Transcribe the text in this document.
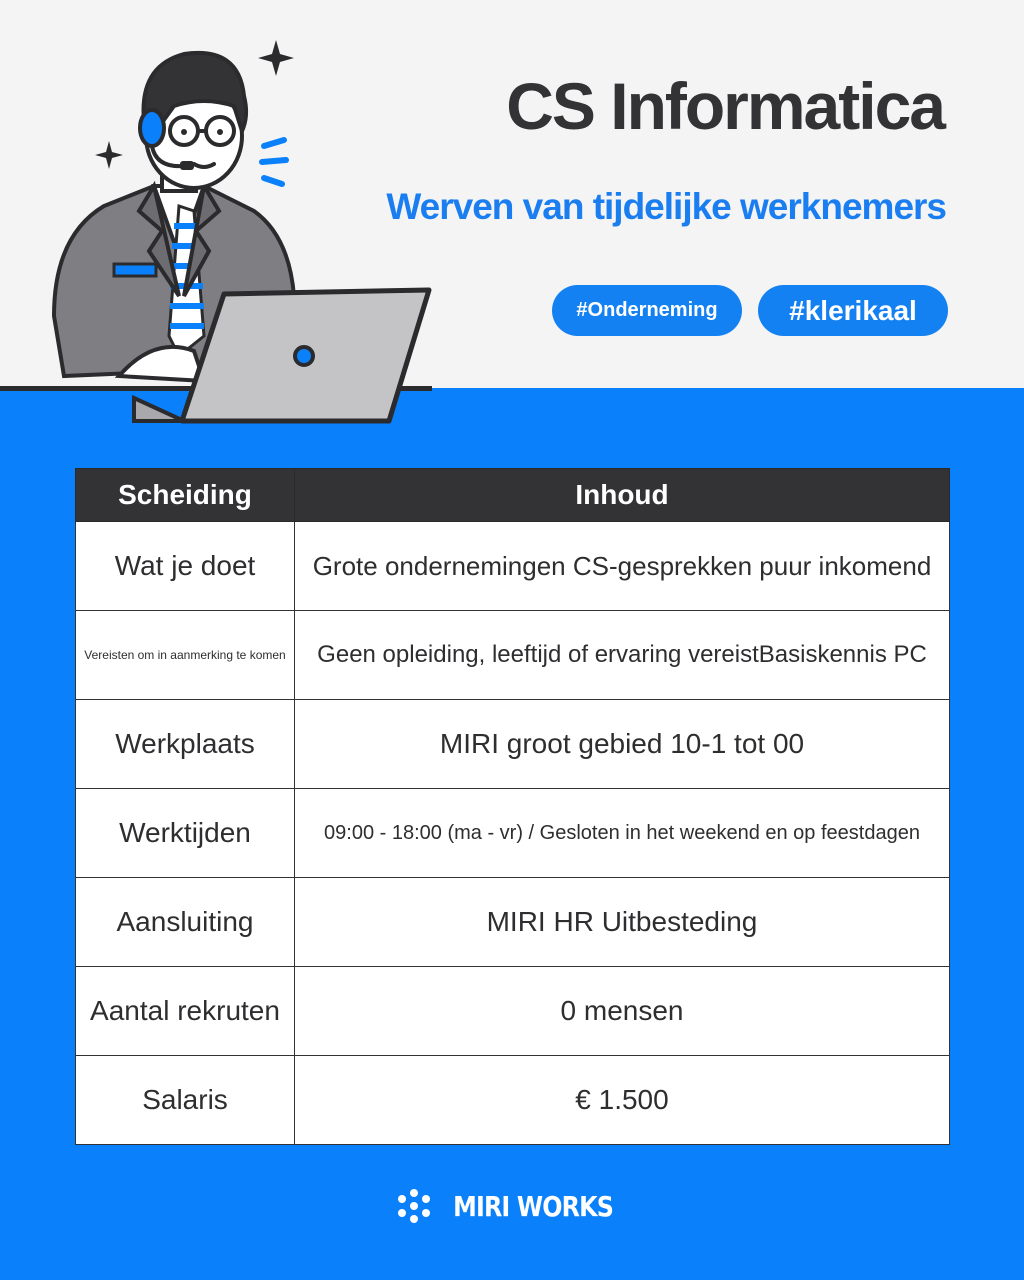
CS Informatica
Werven van tijdelijke werknemers
#Onderneming	#klerikaal
Scheiding	Inhoud
Wat je doet	Grote ondernemingen CS-gesprekken puur inkomend
Vereisten om in aanmerking te komen	Geen opleiding, leeftijd of ervaring vereistBasiskennis PC
Werkplaats	MIRI groot gebied 10-1 tot 00
Werktijden	09:00 - 18:00 (ma - vr) / Gesloten in het weekend en op feestdagen
Aansluiting	MIRI HR Uitbesteding
Aantal rekruten	0 mensen
Salaris	€ 1.500
MIRI WORKS
